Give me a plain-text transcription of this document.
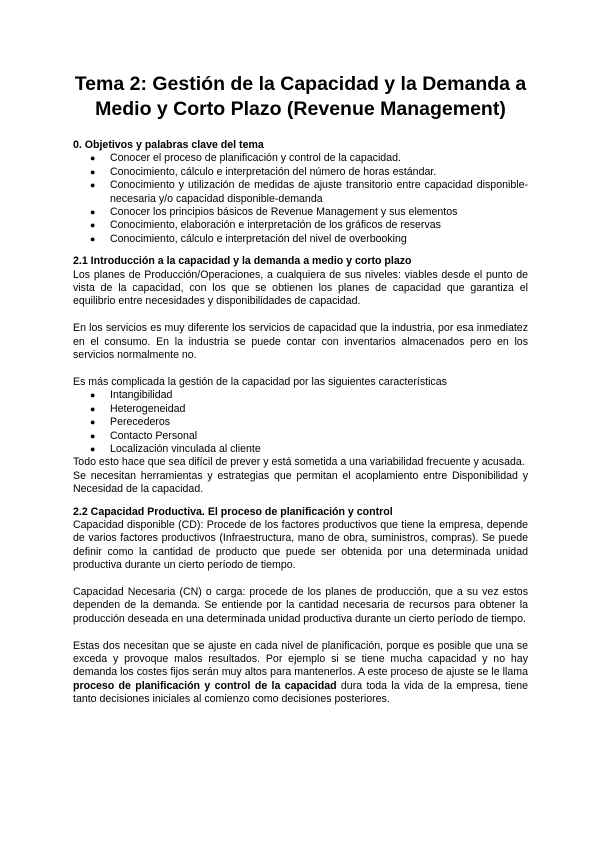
Tema 2: Gestión de la Capacidad y la Demanda a Medio y Corto Plazo (Revenue Management)
0. Objetivos y palabras clave del tema
● Conocer el proceso de planificación y control de la capacidad.
● Conocimiento, cálculo e interpretación del número de horas estándar.
● Conocimiento y utilización de medidas de ajuste transitorio entre capacidad disponible-necesaria y/o capacidad disponible-demanda
● Conocer los principios básicos de Revenue Management y sus elementos
● Conocimiento, elaboración e interpretación de los gráficos de reservas
● Conocimiento, cálculo e interpretación del nivel de overbooking
2.1 Introducción a la capacidad y la demanda a medio y corto plazo

Los planes de Producción/Operaciones, a cualquiera de sus niveles: viables desde el punto de vista de la capacidad, con los que se obtienen los planes de capacidad que garantiza el equilibrio entre necesidades y disponibilidades de capacidad.

En los servicios es muy diferente los servicios de capacidad que la industria, por esa inmediatez en el consumo. En la industria se puede contar con inventarios almacenados pero en los servicios normalmente no.

Es más complicada la gestión de la capacidad por las siguientes características

● Intangibilidad
● Heterogeneidad
● Perecederos
● Contacto Personal
● Localización vinculada al cliente

Todo esto hace que sea difícil de prever y está sometida a una variabilidad frecuente y acusada.

Se necesitan herramientas y estrategias que permitan el acoplamiento entre Disponibilidad y Necesidad de la capacidad.

2.2 Capacidad Productiva. El proceso de planificación y control

Capacidad disponible (CD): Procede de los factores productivos que tiene la empresa, depende de varios factores productivos (Infraestructura, mano de obra, suministros, compras). Se puede definir como la cantidad de producto que puede ser obtenida por una determinada unidad productiva durante un cierto período de tiempo.

Capacidad Necesaria (CN) o carga: procede de los planes de producción, que a su vez estos dependen de la demanda. Se entiende por la cantidad necesaria de recursos para obtener la producción deseada en una determinada unidad productiva durante un cierto período de tiempo.

Estas dos necesitan que se ajuste en cada nivel de planificación, porque es posible que una se exceda y provoque malos resultados. Por ejemplo si se tiene mucha capacidad y no hay demanda los costes fijos serán muy altos para mantenerlos. A este proceso de ajuste se le llama proceso de planificación y control de la capacidad dura toda la vida de la empresa, tiene tanto decisiones iniciales al comienzo como decisiones posteriores.
